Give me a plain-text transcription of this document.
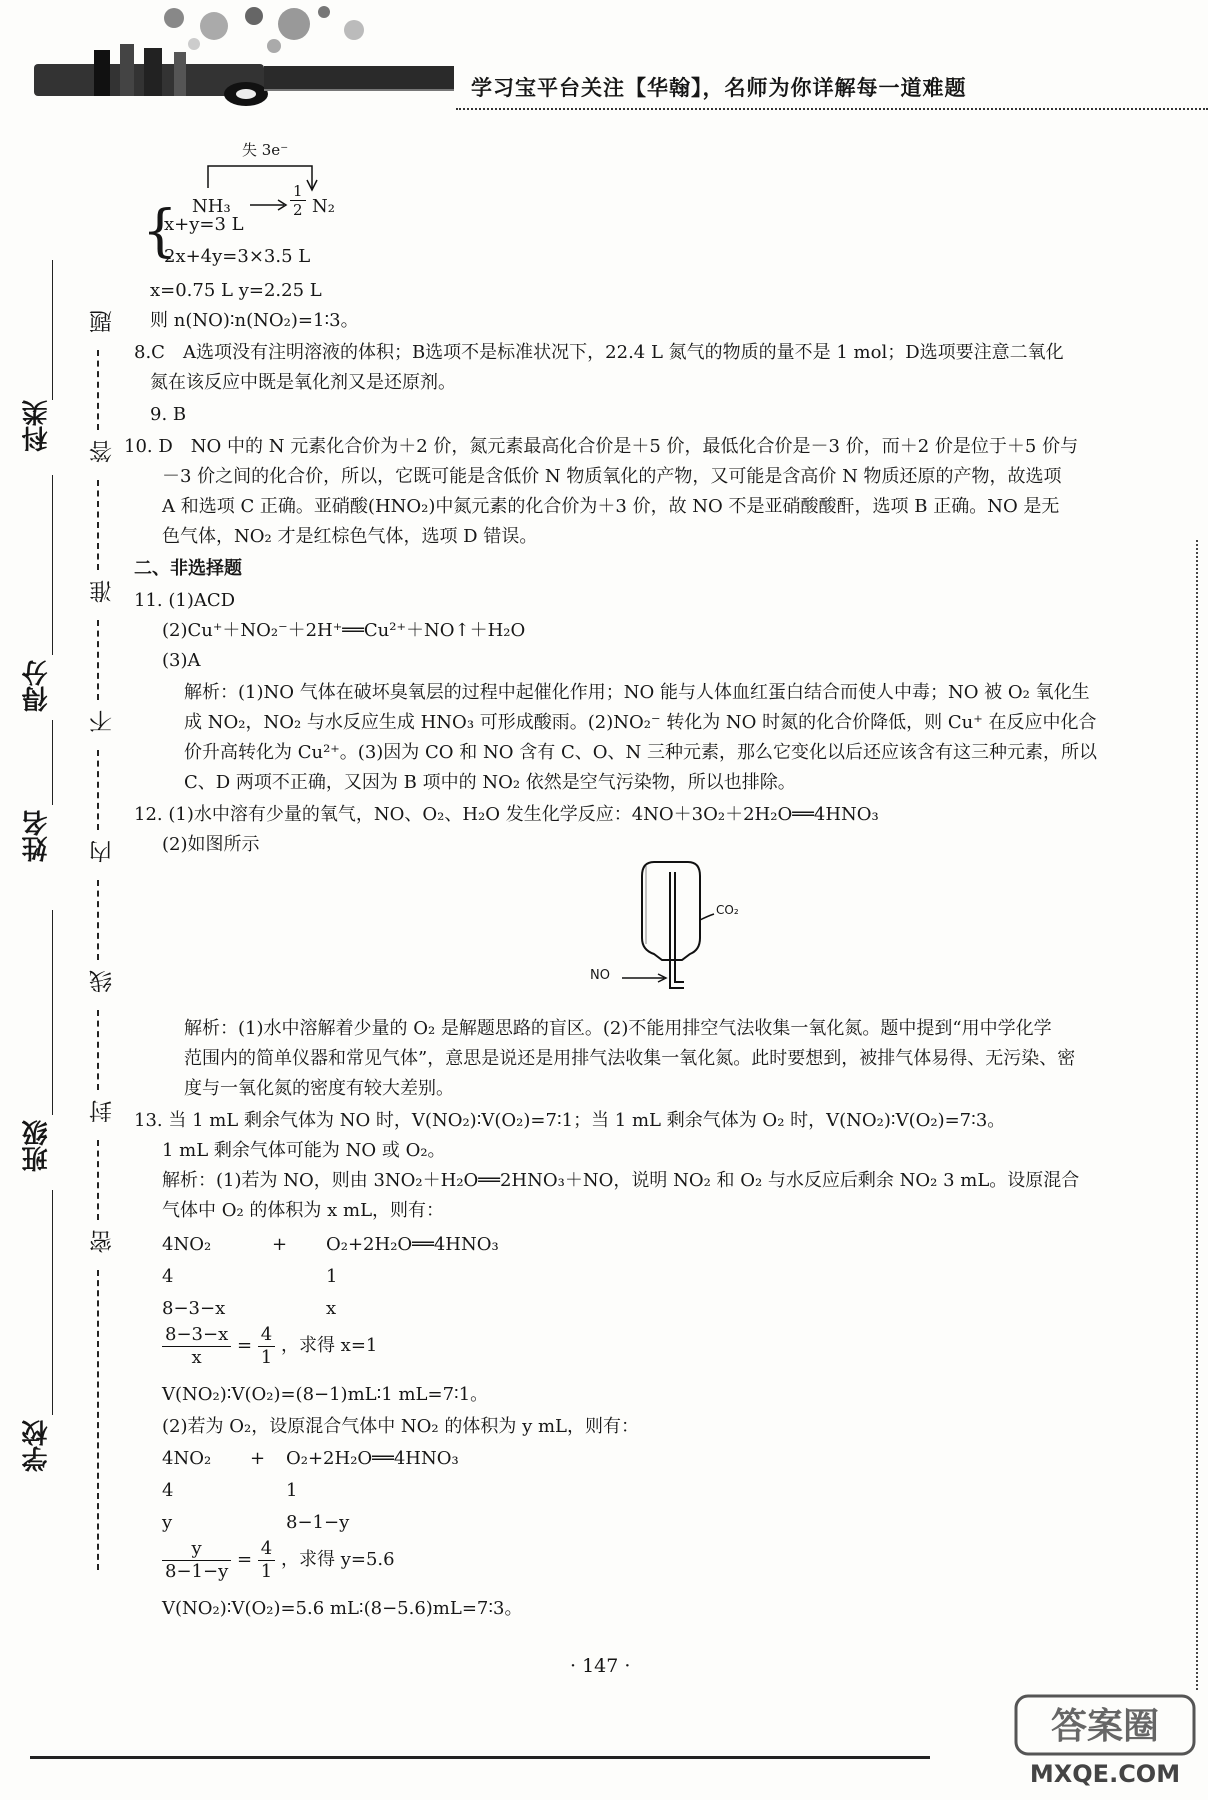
学习宝平台关注【华翰】，名师为你详解每一道难题
科类
得分
姓名
班级
学校
题
答
准
不
内
线
封
密
失 3e⁻
NH₃	$\frac{1}{2} N_2$
{
x+y=3 L
2x+4y=3×3.5 L
x=0.75 L y=2.25 L
则 n(NO)∶n(NO₂)=1∶3。
8.C　A选项没有注明溶液的体积；B选项不是标准状况下，22.4 L 氮气的物质的量不是 1 mol；D选项要注意二氧化
氮在该反应中既是氧化剂又是还原剂。
9. B
10. D　NO 中的 N 元素化合价为＋2 价，氮元素最高化合价是＋5 价，最低化合价是－3 价，而＋2 价是位于＋5 价与
－3 价之间的化合价，所以，它既可能是含低价 N 物质氧化的产物，又可能是含高价 N 物质还原的产物，故选项
A 和选项 C 正确。亚硝酸(HNO₂)中氮元素的化合价为＋3 价，故 NO 不是亚硝酸酸酐，选项 B 正确。NO 是无
色气体，NO₂ 才是红棕色气体，选项 D 错误。
二、非选择题
11. (1)ACD
(2)Cu⁺＋NO₂⁻＋2H⁺══Cu²⁺＋NO↑＋H₂O
(3)A
解析：(1)NO 气体在破坏臭氧层的过程中起催化作用；NO 能与人体血红蛋白结合而使人中毒；NO 被 O₂ 氧化生
成 NO₂，NO₂ 与水反应生成 HNO₃ 可形成酸雨。(2)NO₂⁻ 转化为 NO 时氮的化合价降低，则 Cu⁺ 在反应中化合
价升高转化为 Cu²⁺。(3)因为 CO 和 NO 含有 C、O、N 三种元素，那么它变化以后还应该含有这三种元素，所以
C、D 两项不正确，又因为 B 项中的 NO₂ 依然是空气污染物，所以也排除。
12. (1)水中溶有少量的氧气，NO、O₂、H₂O 发生化学反应：4NO＋3O₂＋2H₂O══4HNO₃
(2)如图所示
CO₂
NO
解析：(1)水中溶解着少量的 O₂ 是解题思路的盲区。(2)不能用排空气法收集一氧化氮。题中提到“用中学化学
范围内的简单仪器和常见气体”，意思是说还是用排气法收集一氧化氮。此时要想到，被排气体易得、无污染、密
度与一氧化氮的密度有较大差别。
13. 当 1 mL 剩余气体为 NO 时，V(NO₂)∶V(O₂)=7∶1；当 1 mL 剩余气体为 O₂ 时，V(NO₂)∶V(O₂)=7∶3。
1 mL 剩余气体可能为 NO 或 O₂。
解析：(1)若为 NO，则由 3NO₂＋H₂O══2HNO₃＋NO，说明 NO₂ 和 O₂ 与水反应后剩余 NO₂ 3 mL。设原混合
气体中 O₂ 的体积为 x mL，则有：
4NO₂	+ O₂+2H₂O══4HNO₃
4	1
8−3−x	x
$\frac{8-3-x}{x} = \frac{4}{1}$ ，求得 x=1
V(NO₂)∶V(O₂)=(8−1)mL∶1 mL=7∶1。
(2)若为 O₂，设原混合气体中 NO₂ 的体积为 y mL，则有：
4NO₂ + O₂+2H₂O══4HNO₃
4	1
y	8−1−y
$\frac{y}{8-1-y} = \frac{4}{1}$ ，求得 y=5.6
V(NO₂)∶V(O₂)=5.6 mL∶(8−5.6)mL=7∶3。
· 147 ·
答案圈
MXQE.COM
